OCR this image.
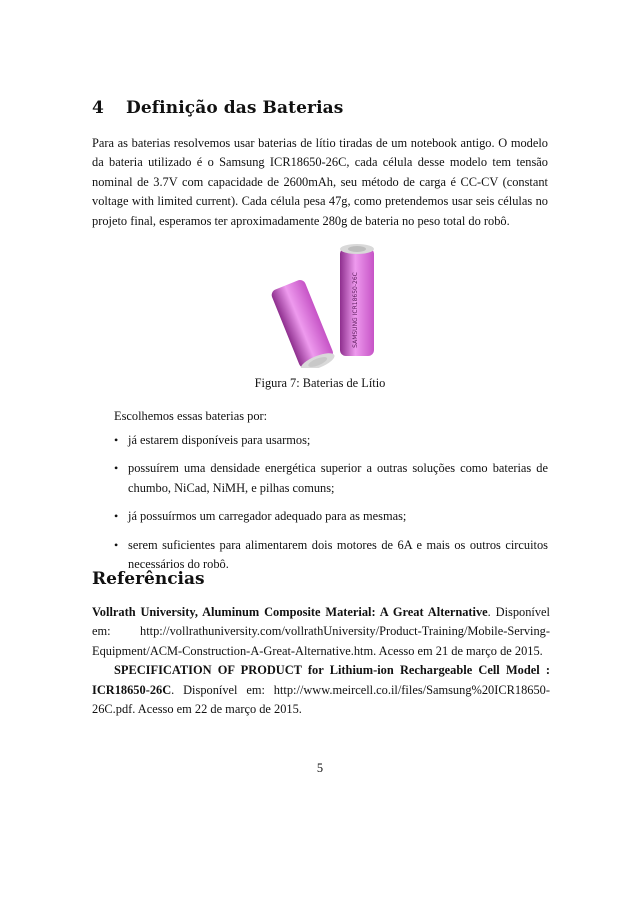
4 Definição das Baterias

Para as baterias resolvemos usar baterias de lítio tiradas de um notebook antigo. O modelo da bateria utilizado é o Samsung ICR18650-26C, cada célula desse modelo tem tensão nominal de 3.7V com capacidade de 2600mAh, seu método de carga é CC-CV (constant voltage with limited current). Cada célula pesa 47g, como pretendemos usar seis células no projeto final, esperamos ter aproximadamente 280g de bateria no peso total do robô.

SAMSUNG ICR18650-26C

Figura 7: Baterias de Lítio

Escolhemos essas baterias por:

• já estarem disponíveis para usarmos;
• possuírem uma densidade energética superior a outras soluções como baterias de chumbo, NiCad, NiMH, e pilhas comuns;
• já possuírmos um carregador adequado para as mesmas;
• serem suficientes para alimentarem dois motores de 6A e mais os outros circuitos necessários do robô.
Referências

Vollrath University, Aluminum Composite Material: A Great Alternative. Disponível em: http://vollrathuniversity.com/vollrathUniversity/Product-Training/Mobile-Serving-Equipment/ACM-Construction-A-Great-Alternative.htm. Acesso em 21 de março de 2015.

SPECIFICATION OF PRODUCT for Lithium-ion Rechargeable Cell Model : ICR18650-26C. Disponível em: http://www.meircell.co.il/files/Samsung%20ICR18650-26C.pdf. Acesso em 22 de março de 2015.

5
